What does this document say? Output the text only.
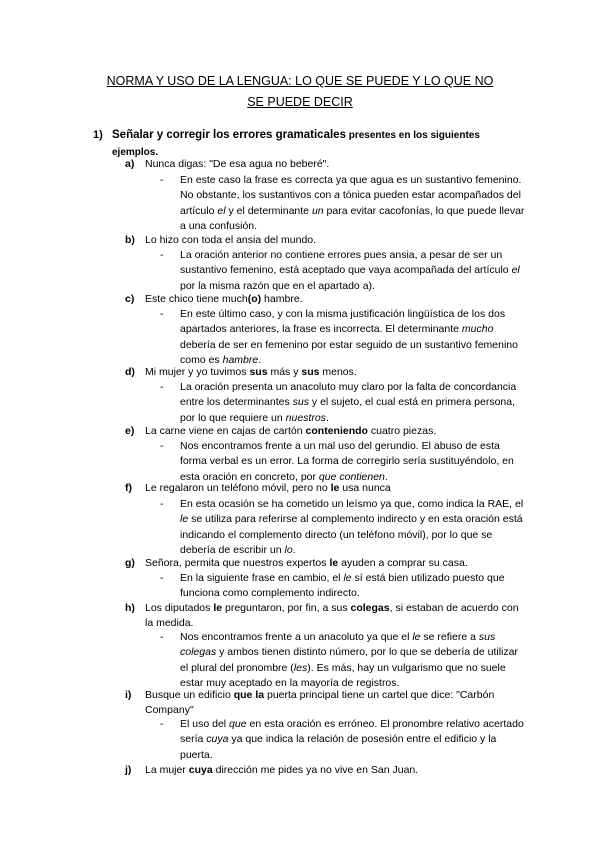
NORMA Y USO DE LA LENGUA: LO QUE SE PUEDE Y LO QUE NO
SE PUEDE DECIR
1) Señalar y corregir los errores gramaticales presentes en los siguientes ejemplos.
a) Nunca digas: "De esa agua no beberé".
- En este caso la frase es correcta ya que agua es un sustantivo femenino. No obstante, los sustantivos con a tónica pueden estar acompañados del artículo el y el determinante un para evitar cacofonías, lo que puede llevar a una confusión.
b) Lo hizo con toda el ansia del mundo.
- La oración anterior no contiene errores pues ansia, a pesar de ser un sustantivo femenino, está aceptado que vaya acompañada del artículo el por la misma razón que en el apartado a).
c) Este chico tiene much(o) hambre.
- En este último caso, y con la misma justificación lingüística de los dos apartados anteriores, la frase es incorrecta. El determinante mucho debería de ser en femenino por estar seguido de un sustantivo femenino como es hambre.
d) Mi mujer y yo tuvimos sus más y sus menos.
- La oración presenta un anacoluto muy claro por la falta de concordancia entre los determinantes sus y el sujeto, el cual está en primera persona, por lo que requiere un nuestros.
e) La carne viene en cajas de cartón conteniendo cuatro piezas.
- Nos encontramos frente a un mal uso del gerundio. El abuso de esta forma verbal es un error. La forma de corregirlo sería sustituyéndolo, en esta oración en concreto, por que contienen.
f) Le regalaron un teléfono móvil, pero no le usa nunca
- En esta ocasión se ha cometido un leísmo ya que, como indica la RAE, el le se utiliza para referirse al complemento indirecto y en esta oración está indicando el complemento directo (un teléfono móvil), por lo que se debería de escribir un lo.
g) Señora, permita que nuestros expertos le ayuden a comprar su casa.
- En la siguiente frase en cambio, el le sí está bien utilizado puesto que funciona como complemento indirecto.
h) Los diputados le preguntaron, por fin, a sus colegas, si estaban de acuerdo con la medida.
- Nos encontramos frente a un anacoluto ya que el le se refiere a sus colegas y ambos tienen distinto número, por lo que se debería de utilizar el plural del pronombre (les). Es más, hay un vulgarismo que no suele estar muy aceptado en la mayoría de registros.
i) Busque un edificio que la puerta principal tiene un cartel que dice: "Carbón Company"
- El uso del que en esta oración es erróneo. El pronombre relativo acertado sería cuya ya que indica la relación de posesión entre el edificio y la puerta.
j) La mujer cuya dirección me pides ya no vive en San Juan.
